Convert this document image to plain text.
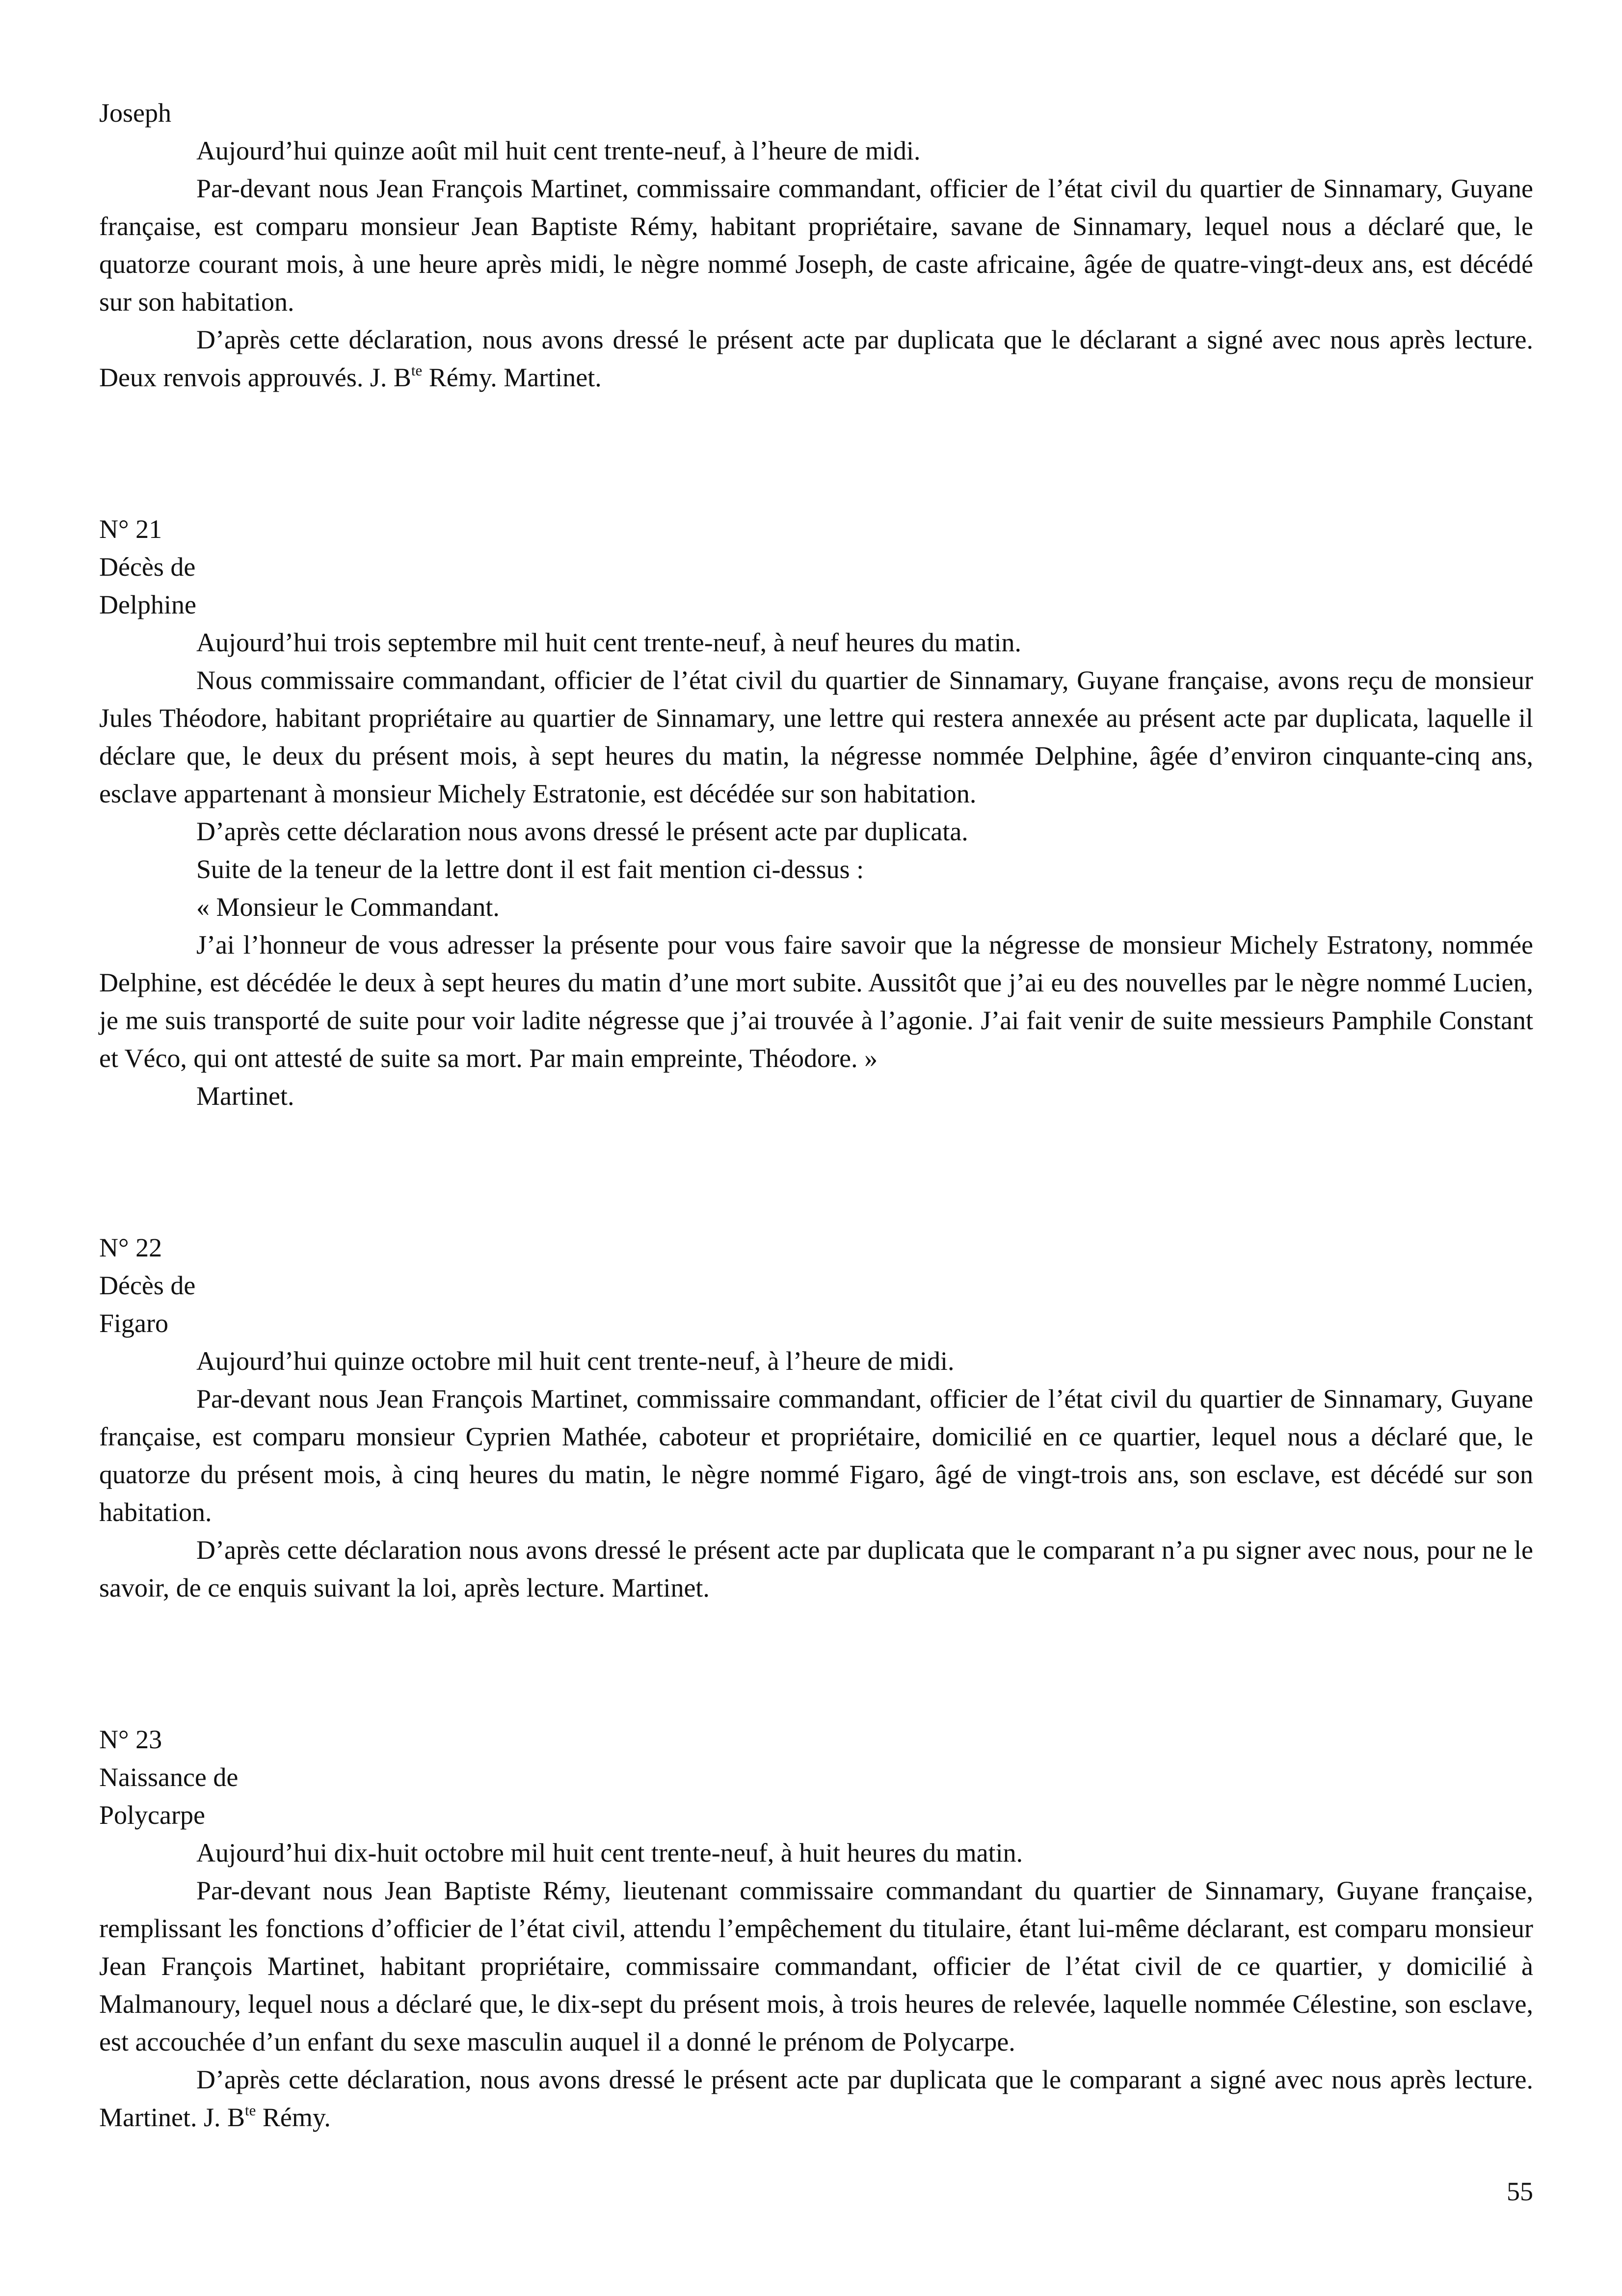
Joseph

Aujourd’hui quinze août mil huit cent trente-neuf, à l’heure de midi.

Par-devant nous Jean François Martinet, commissaire commandant, officier de l’état civil du quartier de Sinnamary, Guyane française, est comparu monsieur Jean Baptiste Rémy, habitant propriétaire, savane de Sinnamary, lequel nous a déclaré que, le quatorze courant mois, à une heure après midi, le nègre nommé Joseph, de caste africaine, âgée de quatre-vingt-deux ans, est décédé sur son habitation.

D’après cette déclaration, nous avons dressé le présent acte par duplicata que le déclarant a signé avec nous après lecture. Deux renvois approuvés. J. $B^{te}$ Rémy. Martinet.

N° 21
Décès de
Delphine

Aujourd’hui trois septembre mil huit cent trente-neuf, à neuf heures du matin.

Nous commissaire commandant, officier de l’état civil du quartier de Sinnamary, Guyane française, avons reçu de monsieur Jules Théodore, habitant propriétaire au quartier de Sinnamary, une lettre qui restera annexée au présent acte par duplicata, laquelle il déclare que, le deux du présent mois, à sept heures du matin, la négresse nommée Delphine, âgée d’environ cinquante-cinq ans, esclave appartenant à monsieur Michely Estratonie, est décédée sur son habitation.

D’après cette déclaration nous avons dressé le présent acte par duplicata.

Suite de la teneur de la lettre dont il est fait mention ci-dessus :

« Monsieur le Commandant.

J’ai l’honneur de vous adresser la présente pour vous faire savoir que la négresse de monsieur Michely Estratony, nommée Delphine, est décédée le deux à sept heures du matin d’une mort subite. Aussitôt que j’ai eu des nouvelles par le nègre nommé Lucien, je me suis transporté de suite pour voir ladite négresse que j’ai trouvée à l’agonie. J’ai fait venir de suite messieurs Pamphile Constant et Véco, qui ont attesté de suite sa mort. Par main empreinte, Théodore. »

Martinet.

N° 22
Décès de
Figaro

Aujourd’hui quinze octobre mil huit cent trente-neuf, à l’heure de midi.

Par-devant nous Jean François Martinet, commissaire commandant, officier de l’état civil du quartier de Sinnamary, Guyane française, est comparu monsieur Cyprien Mathée, caboteur et propriétaire, domicilié en ce quartier, lequel nous a déclaré que, le quatorze du présent mois, à cinq heures du matin, le nègre nommé Figaro, âgé de vingt-trois ans, son esclave, est décédé sur son habitation.

D’après cette déclaration nous avons dressé le présent acte par duplicata que le comparant n’a pu signer avec nous, pour ne le savoir, de ce enquis suivant la loi, après lecture. Martinet.

N° 23
Naissance de
Polycarpe

Aujourd’hui dix-huit octobre mil huit cent trente-neuf, à huit heures du matin.

Par-devant nous Jean Baptiste Rémy, lieutenant commissaire commandant du quartier de Sinnamary, Guyane française, remplissant les fonctions d’officier de l’état civil, attendu l’empêchement du titulaire, étant lui-même déclarant, est comparu monsieur Jean François Martinet, habitant propriétaire, commissaire commandant, officier de l’état civil de ce quartier, y domicilié à Malmanoury, lequel nous a déclaré que, le dix-sept du présent mois, à trois heures de relevée, laquelle nommée Célestine, son esclave, est accouchée d’un enfant du sexe masculin auquel il a donné le prénom de Polycarpe.

D’après cette déclaration, nous avons dressé le présent acte par duplicata que le comparant a signé avec nous après lecture. Martinet. J. $B^{te}$ Rémy.

55
